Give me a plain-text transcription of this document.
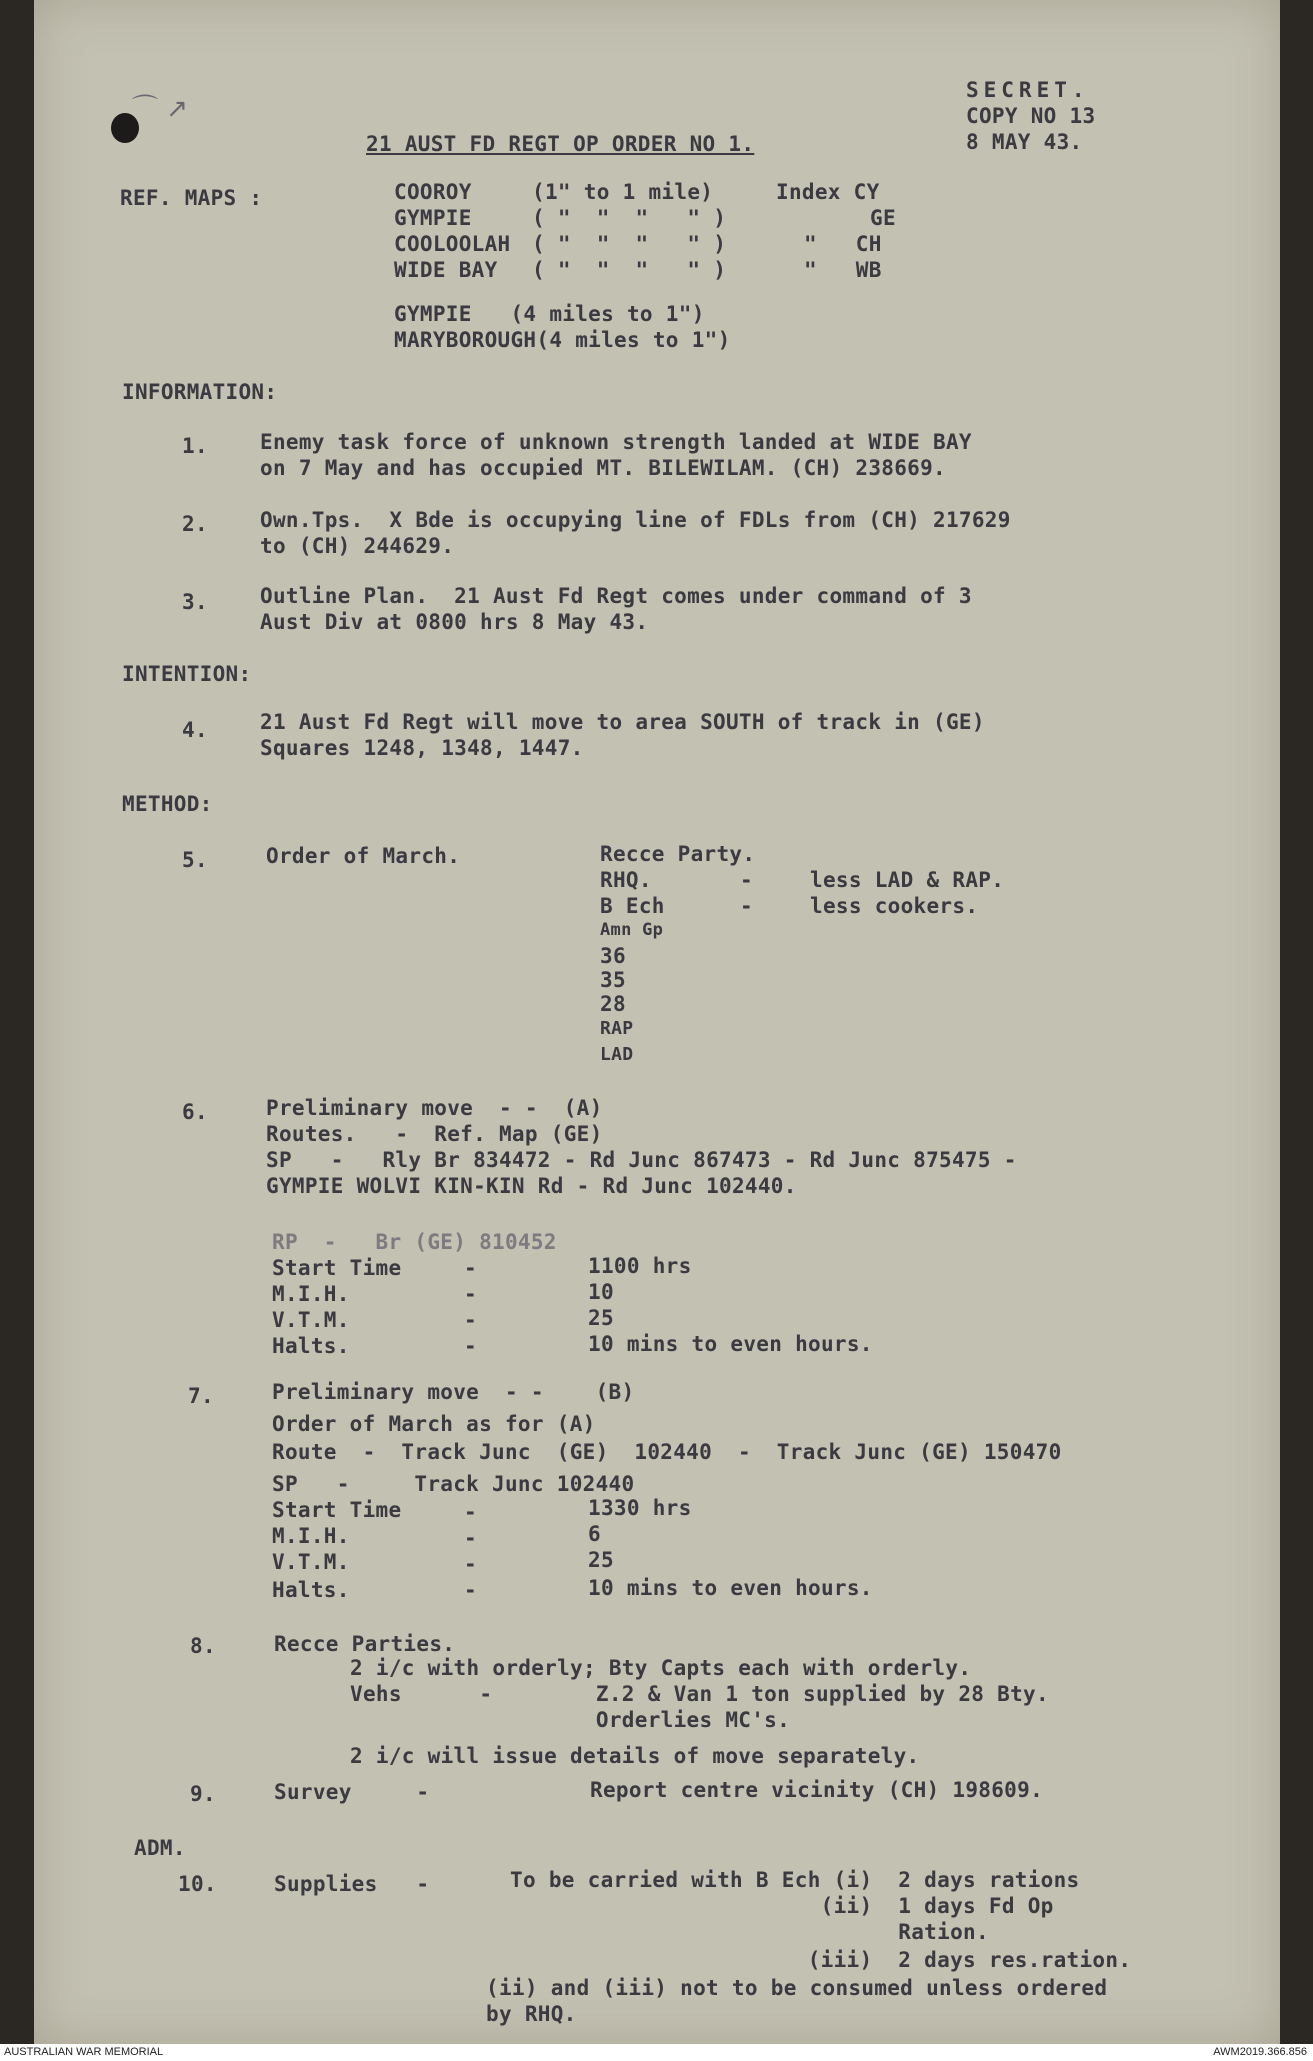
⌒ ↗
SECRET.
COPY NO 13
8 MAY 43.
21 AUST FD REGT OP ORDER NO 1.
REF. MAPS :	COOROY	(1" to 1 mile)	Index CY
GYMPIE	( "  "  "   " )	GE
COOLOOLAH ( "  "  "   " )	"   CH
WIDE BAY ( "  "  "   " )	"   WB
GYMPIE   (4 miles to 1")
MARYBOROUGH(4 miles to 1")
INFORMATION:
1. Enemy task force of unknown strength landed at WIDE BAY
on 7 May and has occupied MT. BILEWILAM. (CH) 238669.
2. Own.Tps.  X Bde is occupying line of FDLs from (CH) 217629
to (CH) 244629.
3. Outline Plan.  21 Aust Fd Regt comes under command of 3
Aust Div at 0800 hrs 8 May 43.
INTENTION:
4. 21 Aust Fd Regt will move to area SOUTH of track in (GE)
Squares 1248, 1348, 1447.
METHOD:
5.	Order of March.	Recce Party.
RHQ.	-	less LAD & RAP.
B Ech	-	less cookers.
Amn Gp
36
35
28
RAP
LAD
6.	Preliminary move  - -  (A)
Routes.   -  Ref. Map (GE)
SP   -   Rly Br 834472 - Rd Junc 867473 - Rd Junc 875475 -
GYMPIE WOLVI KIN-KIN Rd - Rd Junc 102440.
RP  -   Br (GE) 810452
Start Time	-	1100 hrs
M.I.H.	-	10
V.T.M.	-	25
Halts.	-	10 mins to even hours.
7.	Preliminary move  - -    (B)
Order of March as for (A)
Route  -  Track Junc  (GE)  102440  -  Track Junc (GE) 150470
SP   -     Track Junc 102440
Start Time	-	1330 hrs
M.I.H.	-	6
V.T.M.	-	25
Halts.	-	10 mins to even hours.
8.	Recce Parties.
2 i/c with orderly; Bty Capts each with orderly.
Vehs      -        Z.2 & Van 1 ton supplied by 28 Bty.
Orderlies MC's.
2 i/c will issue details of move separately.
9.	Survey     -	Report centre vicinity (CH) 198609.
ADM.
10.	Supplies   -	To be carried with B Ech (i)  2 days rations
(ii)  1 days Fd Op
Ration.
(iii)  2 days res.ration.
(ii) and (iii) not to be consumed unless ordered
by RHQ.
AUSTRALIAN WAR MEMORIAL	AWM2019.366.856
